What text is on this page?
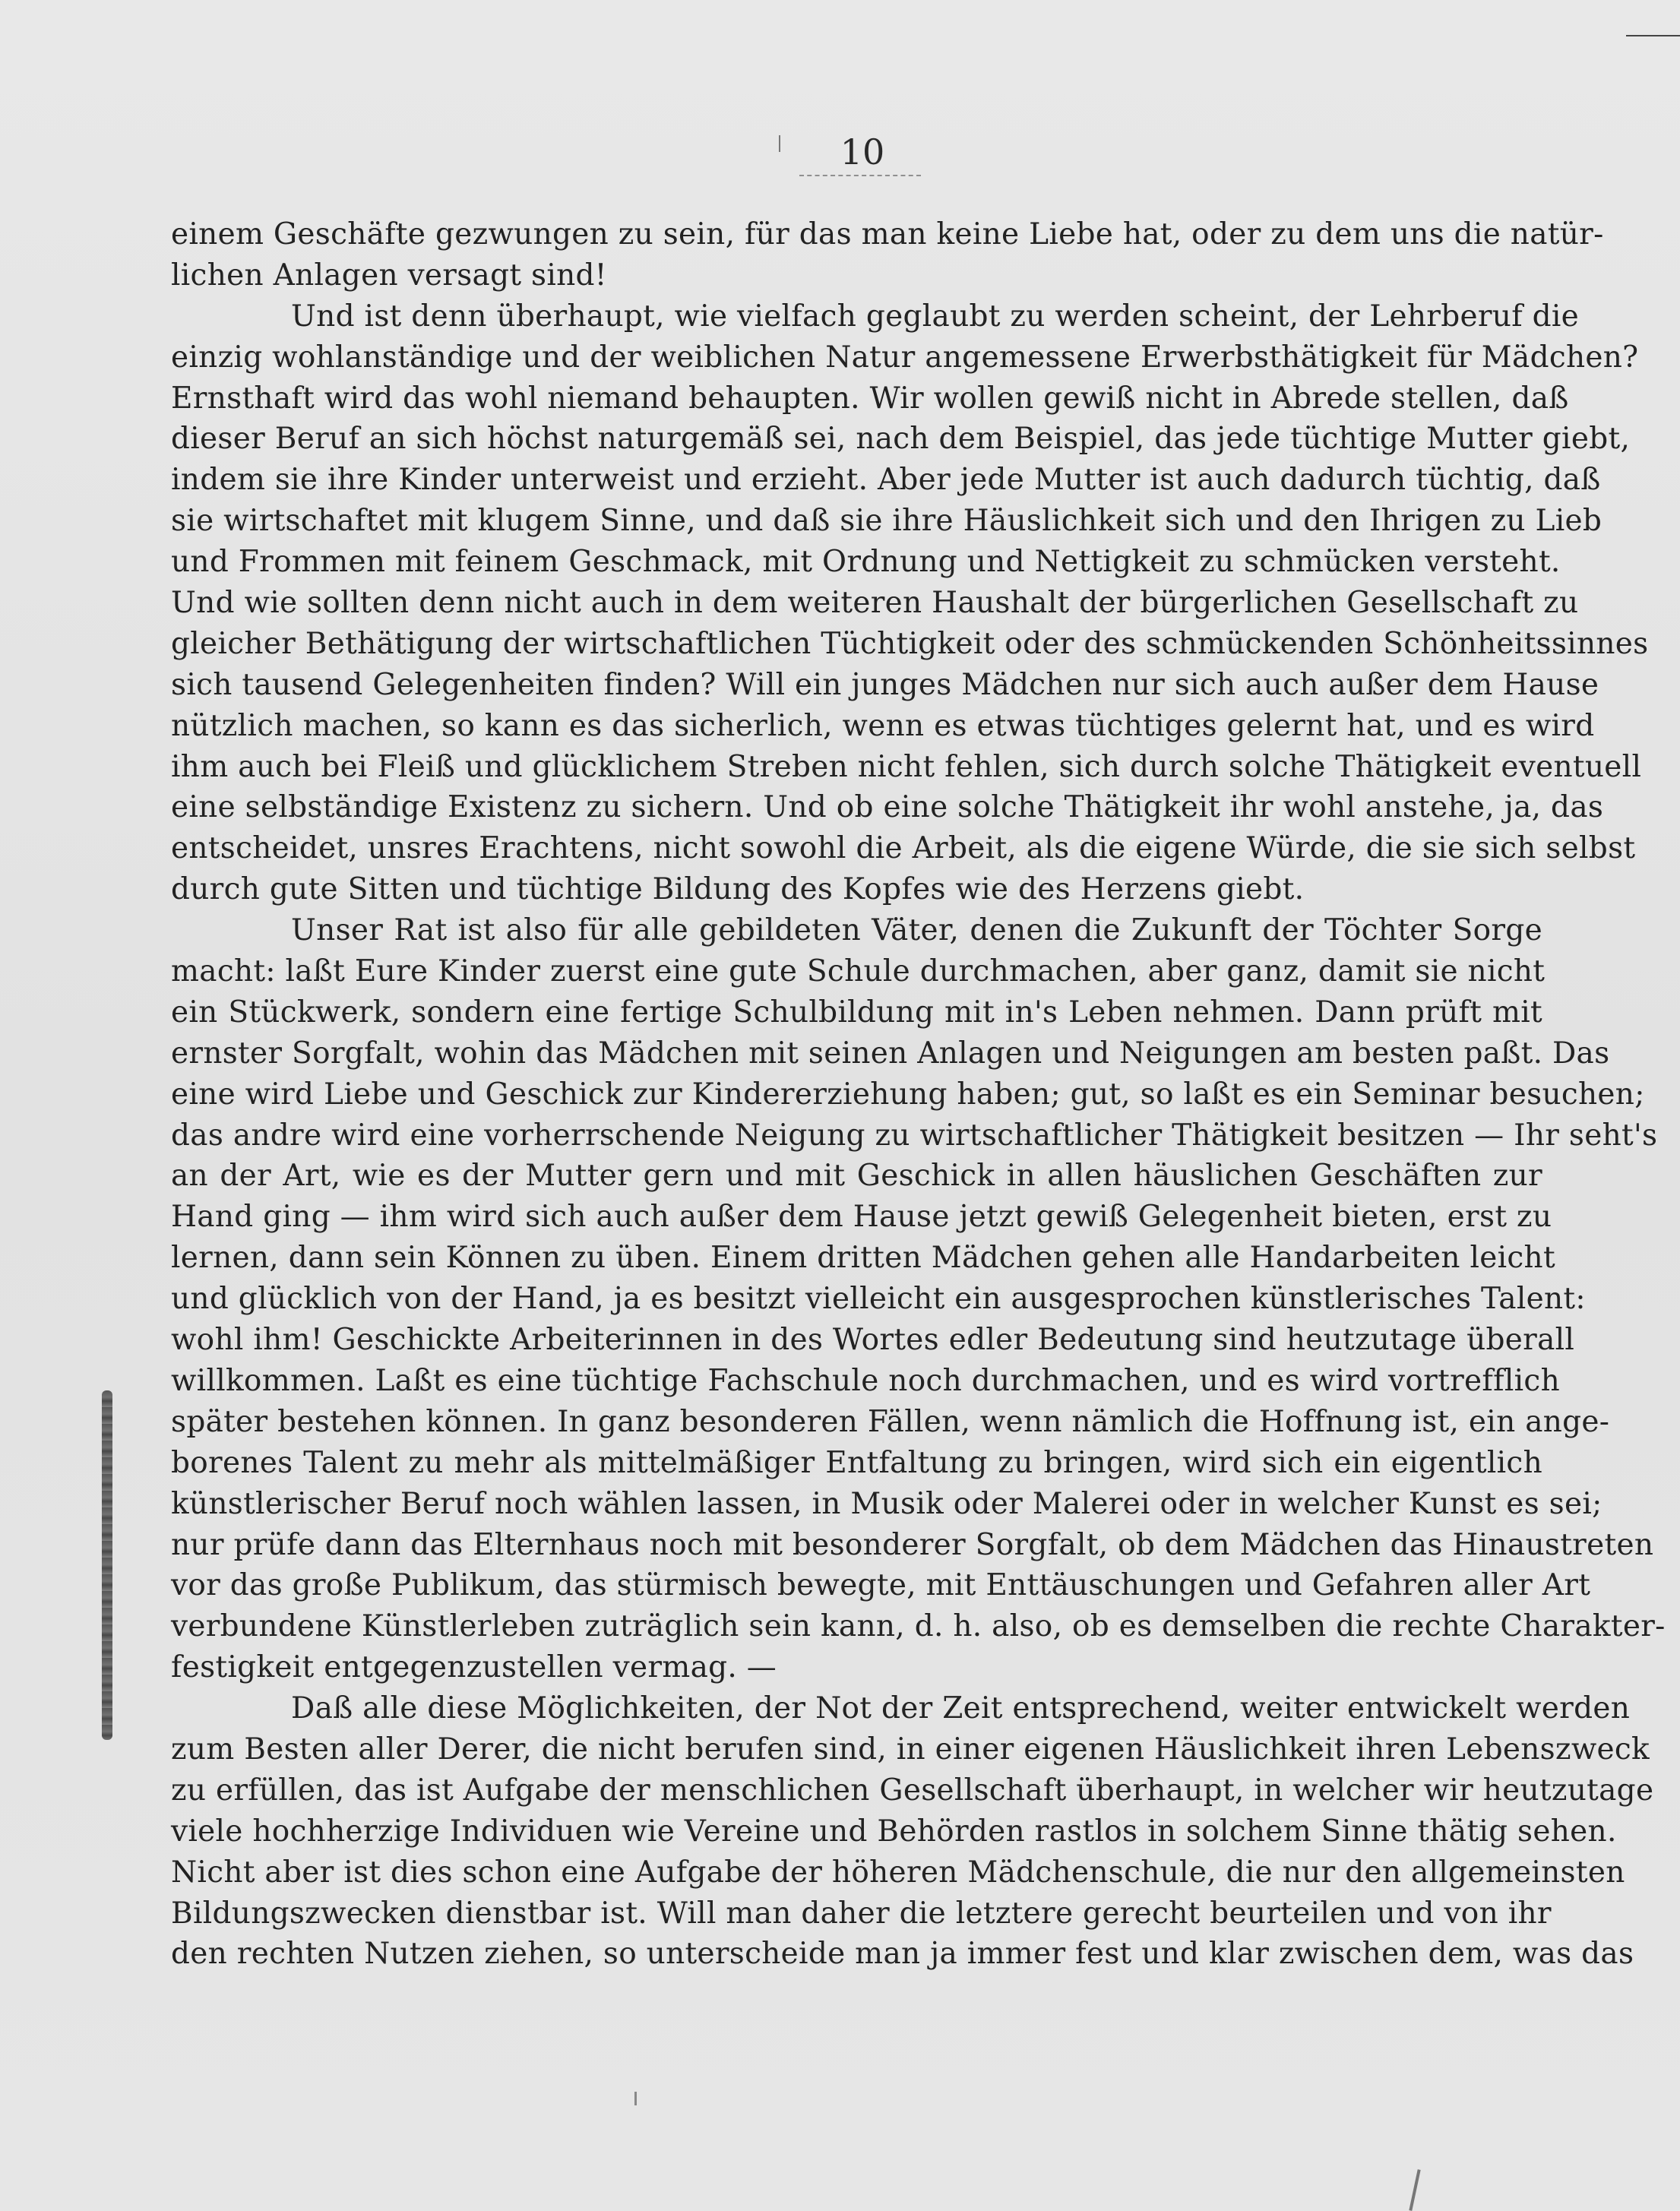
10
einem Geschäfte gezwungen zu sein, für das man keine Liebe hat, oder zu dem uns die natür-
lichen Anlagen versagt sind!
Und ist denn überhaupt, wie vielfach geglaubt zu werden scheint, der Lehrberuf die
einzig wohlanständige und der weiblichen Natur angemessene Erwerbsthätigkeit für Mädchen?
Ernsthaft wird das wohl niemand behaupten. Wir wollen gewiß nicht in Abrede stellen, daß
dieser Beruf an sich höchst naturgemäß sei, nach dem Beispiel, das jede tüchtige Mutter giebt,
indem sie ihre Kinder unterweist und erzieht. Aber jede Mutter ist auch dadurch tüchtig, daß
sie wirtschaftet mit klugem Sinne, und daß sie ihre Häuslichkeit sich und den Ihrigen zu Lieb
und Frommen mit feinem Geschmack, mit Ordnung und Nettigkeit zu schmücken versteht.
Und wie sollten denn nicht auch in dem weiteren Haushalt der bürgerlichen Gesellschaft zu
gleicher Bethätigung der wirtschaftlichen Tüchtigkeit oder des schmückenden Schönheitssinnes
sich tausend Gelegenheiten finden? Will ein junges Mädchen nur sich auch außer dem Hause
nützlich machen, so kann es das sicherlich, wenn es etwas tüchtiges gelernt hat, und es wird
ihm auch bei Fleiß und glücklichem Streben nicht fehlen, sich durch solche Thätigkeit eventuell
eine selbständige Existenz zu sichern. Und ob eine solche Thätigkeit ihr wohl anstehe, ja, das
entscheidet, unsres Erachtens, nicht sowohl die Arbeit, als die eigene Würde, die sie sich selbst
durch gute Sitten und tüchtige Bildung des Kopfes wie des Herzens giebt.
Unser Rat ist also für alle gebildeten Väter, denen die Zukunft der Töchter Sorge
macht: laßt Eure Kinder zuerst eine gute Schule durchmachen, aber ganz, damit sie nicht
ein Stückwerk, sondern eine fertige Schulbildung mit in's Leben nehmen. Dann prüft mit
ernster Sorgfalt, wohin das Mädchen mit seinen Anlagen und Neigungen am besten paßt. Das
eine wird Liebe und Geschick zur Kindererziehung haben; gut, so laßt es ein Seminar besuchen;
das andre wird eine vorherrschende Neigung zu wirtschaftlicher Thätigkeit besitzen — Ihr seht's
an der Art, wie es der Mutter gern und mit Geschick in allen häuslichen Geschäften zur
Hand ging — ihm wird sich auch außer dem Hause jetzt gewiß Gelegenheit bieten, erst zu
lernen, dann sein Können zu üben. Einem dritten Mädchen gehen alle Handarbeiten leicht
und glücklich von der Hand, ja es besitzt vielleicht ein ausgesprochen künstlerisches Talent:
wohl ihm! Geschickte Arbeiterinnen in des Wortes edler Bedeutung sind heutzutage überall
willkommen. Laßt es eine tüchtige Fachschule noch durchmachen, und es wird vortrefflich
später bestehen können. In ganz besonderen Fällen, wenn nämlich die Hoffnung ist, ein ange-
borenes Talent zu mehr als mittelmäßiger Entfaltung zu bringen, wird sich ein eigentlich
künstlerischer Beruf noch wählen lassen, in Musik oder Malerei oder in welcher Kunst es sei;
nur prüfe dann das Elternhaus noch mit besonderer Sorgfalt, ob dem Mädchen das Hinaustreten
vor das große Publikum, das stürmisch bewegte, mit Enttäuschungen und Gefahren aller Art
verbundene Künstlerleben zuträglich sein kann, d. h. also, ob es demselben die rechte Charakter-
festigkeit entgegenzustellen vermag. —
Daß alle diese Möglichkeiten, der Not der Zeit entsprechend, weiter entwickelt werden
zum Besten aller Derer, die nicht berufen sind, in einer eigenen Häuslichkeit ihren Lebenszweck
zu erfüllen, das ist Aufgabe der menschlichen Gesellschaft überhaupt, in welcher wir heutzutage
viele hochherzige Individuen wie Vereine und Behörden rastlos in solchem Sinne thätig sehen.
Nicht aber ist dies schon eine Aufgabe der höheren Mädchenschule, die nur den allgemeinsten
Bildungszwecken dienstbar ist. Will man daher die letztere gerecht beurteilen und von ihr
den rechten Nutzen ziehen, so unterscheide man ja immer fest und klar zwischen dem, was das
